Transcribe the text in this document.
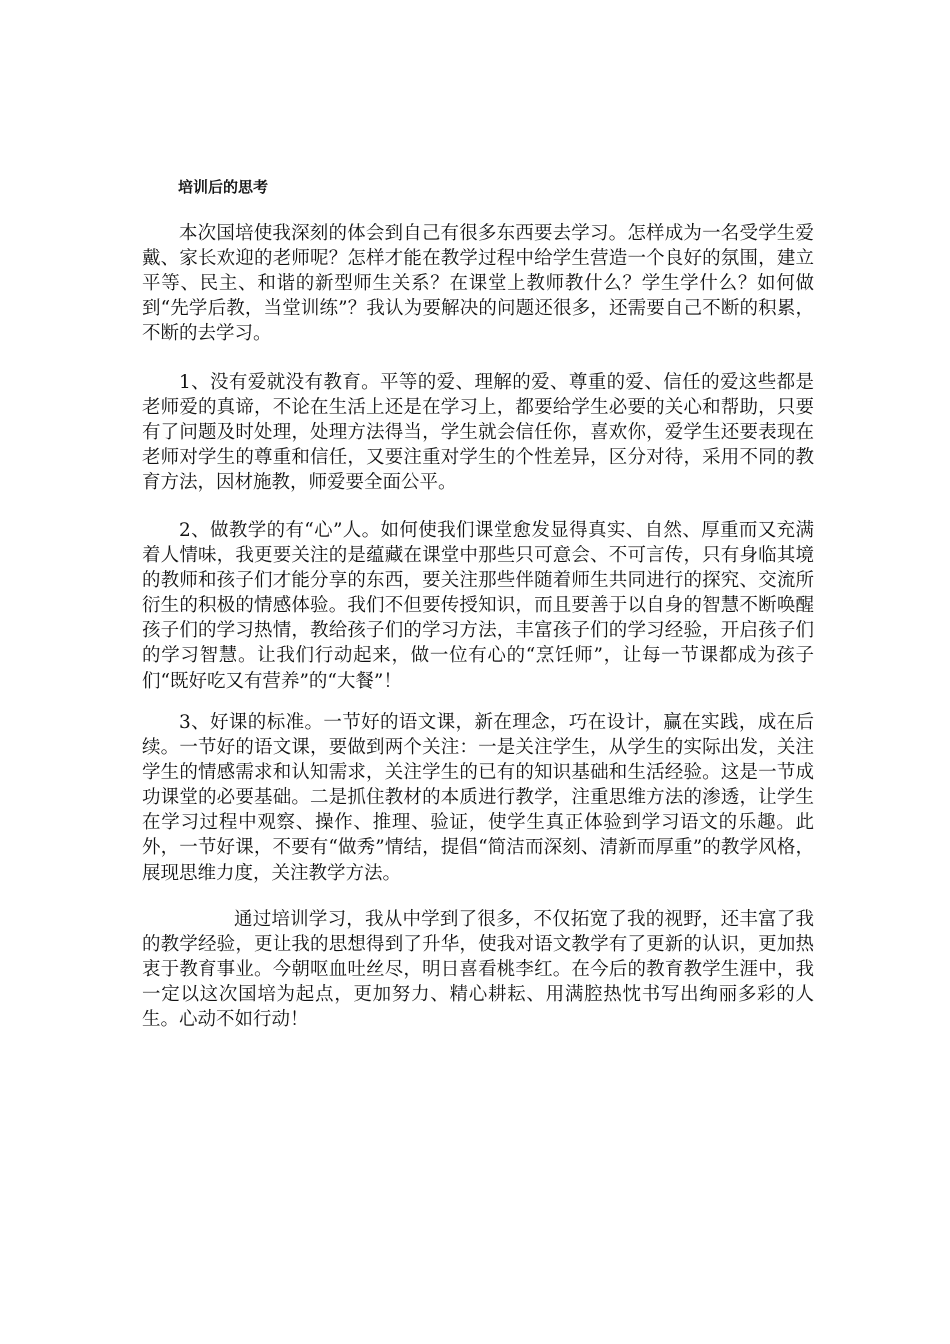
培训后的思考

本次国培使我深刻的体会到自己有很多东西要去学习。怎样成为一名受学生爱戴、家长欢迎的老师呢？怎样才能在教学过程中给学生营造一个良好的氛围，建立平等、民主、和谐的新型师生关系？在课堂上教师教什么？学生学什么？如何做到“先学后教，当堂训练”？我认为要解决的问题还很多，还需要自己不断的积累，不断的去学习。

1、没有爱就没有教育。平等的爱、理解的爱、尊重的爱、信任的爱这些都是老师爱的真谛，不论在生活上还是在学习上，都要给学生必要的关心和帮助，只要有了问题及时处理，处理方法得当，学生就会信任你，喜欢你，爱学生还要表现在老师对学生的尊重和信任，又要注重对学生的个性差异，区分对待，采用不同的教育方法，因材施教，师爱要全面公平。

2、做教学的有“心”人。如何使我们课堂愈发显得真实、自然、厚重而又充满着人情味，我更要关注的是蕴藏在课堂中那些只可意会、不可言传，只有身临其境的教师和孩子们才能分享的东西，要关注那些伴随着师生共同进行的探究、交流所衍生的积极的情感体验。我们不但要传授知识，而且要善于以自身的智慧不断唤醒孩子们的学习热情，教给孩子们的学习方法，丰富孩子们的学习经验，开启孩子们的学习智慧。让我们行动起来，做一位有心的“烹饪师”，让每一节课都成为孩子们“既好吃又有营养”的“大餐”！

3、好课的标准。一节好的语文课，新在理念，巧在设计，赢在实践，成在后续。一节好的语文课，要做到两个关注：一是关注学生，从学生的实际出发，关注学生的情感需求和认知需求，关注学生的已有的知识基础和生活经验。这是一节成功课堂的必要基础。二是抓住教材的本质进行教学，注重思维方法的渗透，让学生在学习过程中观察、操作、推理、验证，使学生真正体验到学习语文的乐趣。此外，一节好课，不要有“做秀”情结，提倡“简洁而深刻、清新而厚重”的教学风格，展现思维力度，关注教学方法。

通过培训学习，我从中学到了很多，不仅拓宽了我的视野，还丰富了我的教学经验，更让我的思想得到了升华，使我对语文教学有了更新的认识，更加热衷于教育事业。今朝呕血吐丝尽，明日喜看桃李红。在今后的教育教学生涯中，我一定以这次国培为起点，更加努力、精心耕耘、用满腔热忱书写出绚丽多彩的人生。心动不如行动！
